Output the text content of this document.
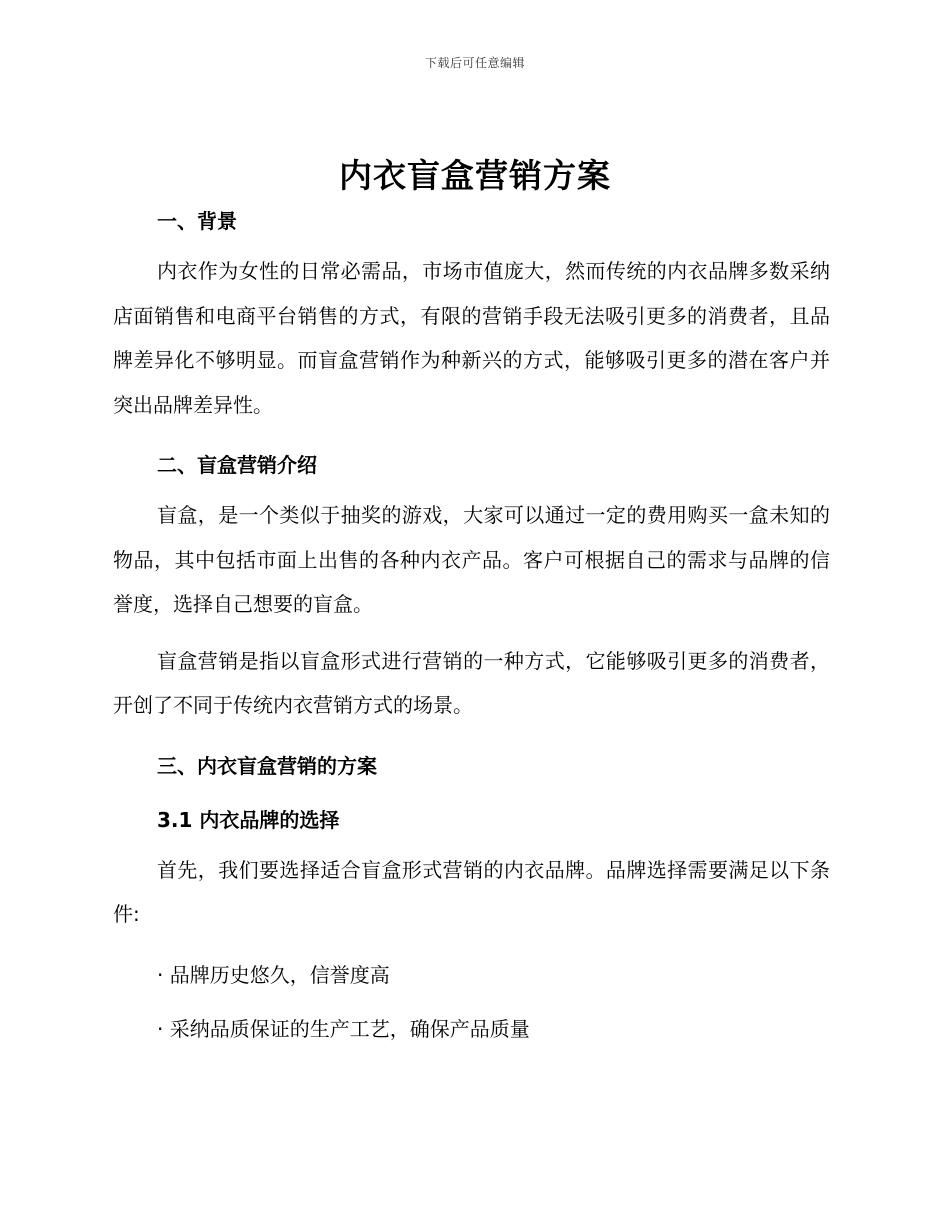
下载后可任意编辑
内衣盲盒营销方案
一、背景

内衣作为女性的日常必需品，市场市值庞大，然而传统的内衣品牌多数采纳店面销售和电商平台销售的方式，有限的营销手段无法吸引更多的消费者，且品牌差异化不够明显。而盲盒营销作为种新兴的方式，能够吸引更多的潜在客户并突出品牌差异性。

二、盲盒营销介绍

盲盒，是一个类似于抽奖的游戏，大家可以通过一定的费用购买一盒未知的物品，其中包括市面上出售的各种内衣产品。客户可根据自己的需求与品牌的信誉度，选择自己想要的盲盒。

盲盒营销是指以盲盒形式进行营销的一种方式，它能够吸引更多的消费者，开创了不同于传统内衣营销方式的场景。

三、内衣盲盒营销的方案
3.1 内衣品牌的选择

首先，我们要选择适合盲盒形式营销的内衣品牌。品牌选择需要满足以下条件:

· 品牌历史悠久，信誉度高
· 采纳品质保证的生产工艺，确保产品质量
